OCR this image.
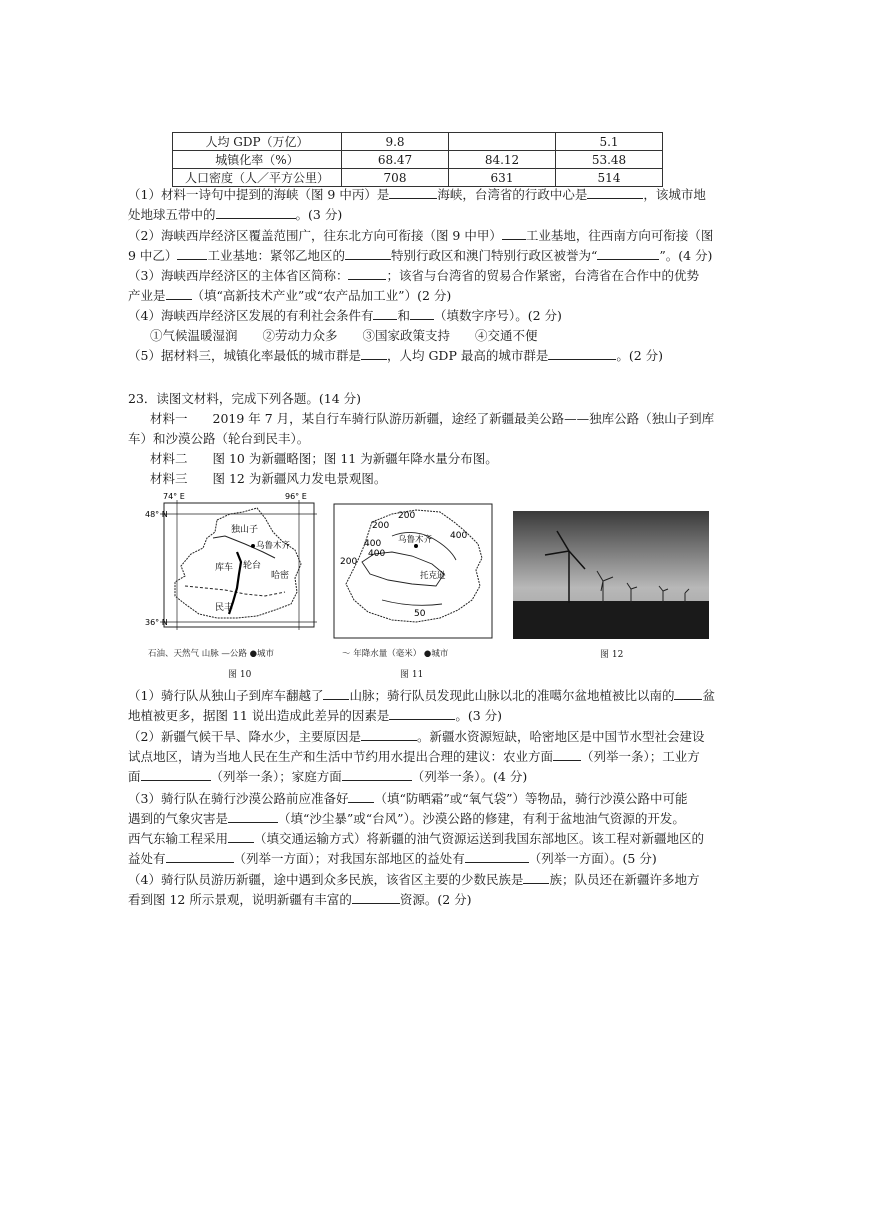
人均 GDP（万亿）	9.8		5.1
城镇化率（%）	68.47	84.12	53.48
人口密度（人／平方公里）	708	631	514
（1）材料一诗句中提到的海峡（图 9 中丙）是	海峡，台湾省的行政中心是	，该城市地
处地球五带中的	。(3 分)
（2）海峡西岸经济区覆盖范围广，往东北方向可衔接（图 9 中甲） 工业基地，往西南方向可衔接（图
9 中乙） 工业基地：紧邻乙地区的	特别行政区和澳门特别行政区被誉为“	”。(4 分)
（3）海峡西岸经济区的主体省区简称：	；该省与台湾省的贸易合作紧密，台湾省在合作中的优势
产业是 （填“高新技术产业”或“农产品加工业”）(2 分)
（4）海峡西岸经济区发展的有利社会条件有 和 （填数字序号）。(2 分)
①气候温暖湿润　　②劳动力众多　　③国家政策支持　　④交通不便
（5）据材料三，城镇化率最低的城市群是 ，人均 GDP 最高的城市群是	。(2 分)
23．读图文材料，完成下列各题。(14 分)
材料一　　2019 年 7 月，某自行车骑行队游历新疆，途经了新疆最美公路——独库公路（独山子到库
车）和沙漠公路（轮台到民丰）。
材料二　　图 10 为新疆略图；图 11 为新疆年降水量分布图。
材料三　　图 12 为新疆风力发电景观图。
独山子
乌鲁木齐
库车 轮台
哈密
民丰
74° E	96° E
48° N
36° N
石油、天然气 山脉 —公路 ●城市
图 10
200
200
400
400
400
200
50
乌鲁木齐
托克逊
〜 年降水量（毫米） ●城市
图 11
图 12
（1）骑行队从独山子到库车翻越了 山脉；骑行队员发现此山脉以北的准噶尔盆地植被比以南的 盆
地植被更多，据图 11 说出造成此差异的因素是	。(3 分)
（2）新疆气候干旱、降水少，主要原因是	。新疆水资源短缺，哈密地区是中国节水型社会建设
试点地区，请为当地人民在生产和生活中节约用水提出合理的建议：农业方面 （列举一条）；工业方
面	（列举一条）；家庭方面	（列举一条）。(4 分)
（3）骑行队在骑行沙漠公路前应准备好 （填“防晒霜”或“氧气袋”）等物品，骑行沙漠公路中可能
遇到的气象灾害是	（填“沙尘暴”或“台风”）。沙漠公路的修建，有利于盆地油气资源的开发。
西气东输工程采用 （填交通运输方式）将新疆的油气资源运送到我国东部地区。该工程对新疆地区的
益处有	（列举一方面）；对我国东部地区的益处有	（列举一方面）。(5 分)
（4）骑行队员游历新疆，途中遇到众多民族，该省区主要的少数民族是 族；队员还在新疆许多地方
看到图 12 所示景观，说明新疆有丰富的	资源。(2 分)
